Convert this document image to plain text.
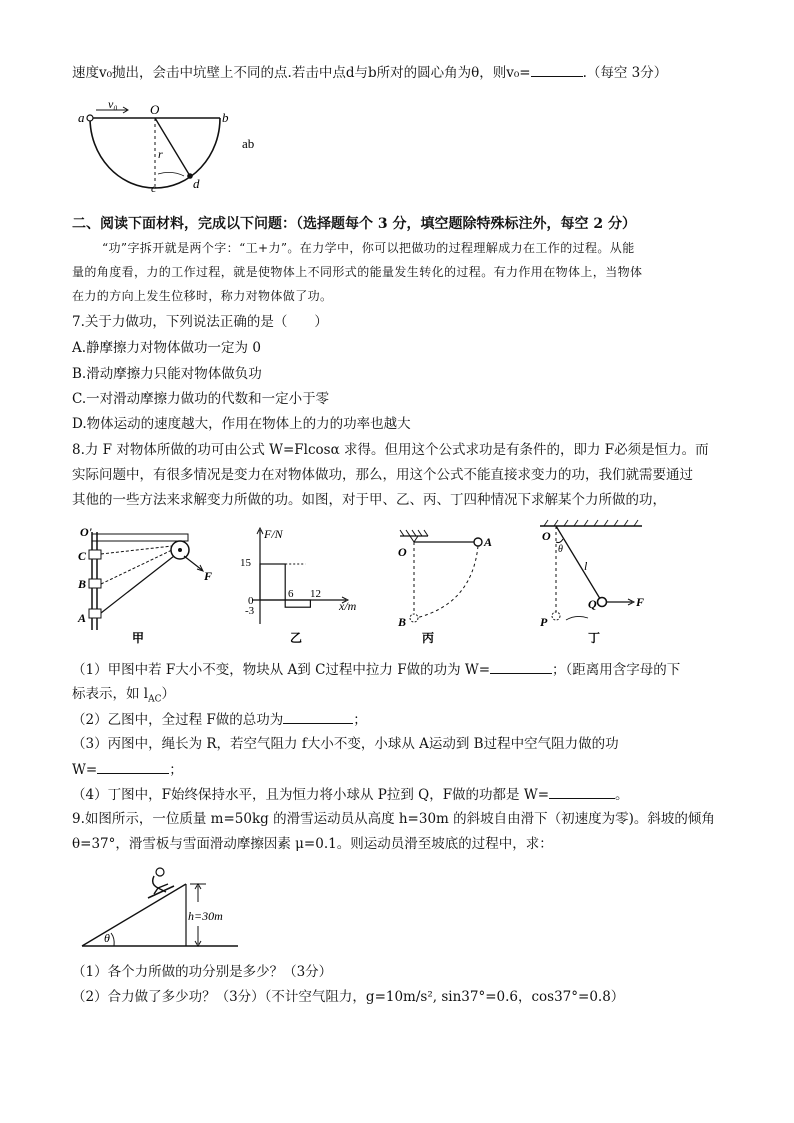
速度v₀抛出，会击中坑壁上不同的点.若击中点d与b所对的圆心角为θ，则v₀=	.（每空 3分）
a	b
O
v₀
r
c	d
ab
二、阅读下面材料，完成以下问题：（选择题每个 3 分，填空题除特殊标注外，每空 2 分）
“功”字拆开就是两个字：“工+力”。在力学中，你可以把做功的过程理解成力在工作的过程。从能
量的角度看，力的工作过程，就是使物体上不同形式的能量发生转化的过程。有力作用在物体上，当物体
在力的方向上发生位移时，称力对物体做了功。
7.关于力做功，下列说法正确的是（　　）
A.静摩擦力对物体做功一定为 0
B.滑动摩擦力只能对物体做负功
C.一对滑动摩擦力做功的代数和一定小于零
D.物体运动的速度越大，作用在物体上的力的功率也越大
8.力 F 对物体所做的功可由公式 W=Flcosα 求得。但用这个公式求功是有条件的，即力 F必须是恒力。而
实际问题中，有很多情况是变力在对物体做功，那么，用这个公式不能直接求变力的功，我们就需要通过
其他的一些方法来求解变力所做的功。如图，对于甲、乙、丙、丁四种情况下求解某个力所做的功，
O'
C
B
A
F
甲
F/N
x/m
15
0
-3
6 12
乙
O
A
B
丙
O
θ
l
Q
P
F
丁
（1）甲图中若 F大小不变，物块从 A到 C过程中拉力 F做的功为 W=	；（距离用含字母的下
标表示，如 $l_{AC}$）
（2）乙图中，全过程 F做的总功为	；
（3）丙图中，绳长为 R，若空气阻力 f大小不变，小球从 A运动到 B过程中空气阻力做的功
W=	；
（4）丁图中，F始终保持水平，且为恒力将小球从 P拉到 Q，F做的功都是 W=	。
9.如图所示，一位质量 m=50kg 的滑雪运动员从高度 h=30m 的斜坡自由滑下（初速度为零)。斜坡的倾角
θ=37°，滑雪板与雪面滑动摩擦因素 μ=0.1。则运动员滑至坡底的过程中，求：
θ
h=30m
（1）各个力所做的功分别是多少？（3分）
（2）合力做了多少功？（3分）（不计空气阻力，g=10m/s², sin37°=0.6，cos37°=0.8）
